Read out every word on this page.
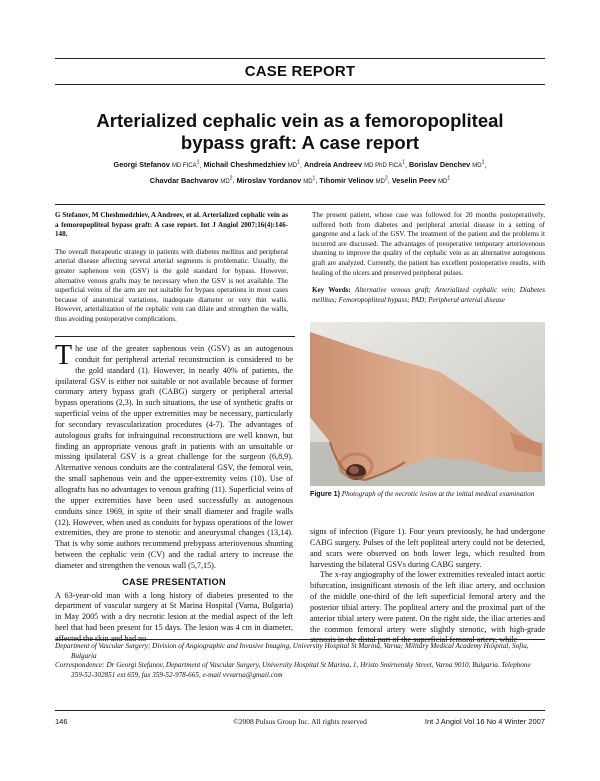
CASE REPORT
Arterialized cephalic vein as a femoropopliteal bypass graft: A case report
Georgi Stefanov MD FICA$^1$, Michail Cheshmedzhiev $MD^1$, Andreia Andreev MD PhD FICA$^1$, Borislav Denchev $MD^1$,
Chavdar Bachvarov $MD^2$, Miroslav Yordanov $MD^1$, Tihomir Velinov $MD^2$, Veselin Peev $MD^1$

G Stefanov, M Cheshmedzhiev, A Andreev, et al. Arterialized cephalic vein as a femoropopliteal bypass graft: A case report. Int J Angiol 2007;16(4):146-148.

The overall therapeutic strategy in patients with diabetes mellitus and peripheral arterial disease affecting several arterial segments is problematic. Usually, the greater saphenous vein (GSV) is the gold standard for bypass. However, alternative venous grafts may be necessary when the GSV is not available. The superficial veins of the arm are not suitable for bypass operations in most cases because of anatomical variations, inadequate diameter or very thin walls. However, arterialization of the cephalic vein can dilate and strengthen the walls, thus avoiding postoperative complications.

The present patient, whose case was followed for 20 months postoperatively, suffered both from diabetes and peripheral arterial disease in a setting of gangrene and a lack of the GSV. The treatment of the patient and the problems it incurred are discussed. The advantages of preoperative temporary arteriovenous shunting to improve the quality of the cephalic vein as an alternative autogenous graft are analyzed. Currently, the patient has excellent postoperative results, with healing of the ulcers and preserved peripheral pulses.

Key Words: Alternative venous graft; Arterialized cephalic vein; Diabetes mellitus; Femoropopliteal bypass; PAD; Peripheral arterial disease

The use of the greater saphenous vein (GSV) as an autogenous conduit for peripheral arterial reconstruction is considered to be the gold standard (1). However, in nearly 40% of patients, the ipsilateral GSV is either not suitable or not available because of former coronary artery bypass graft (CABG) surgery or peripheral arterial bypass operations (2,3). In such situations, the use of synthetic grafts or superficial veins of the upper extremities may be necessary, particularly for secondary revascularization procedures (4-7). The advantages of autologous grafts for infrainguinal reconstructions are well known, but finding an appropriate venous graft in patients with an unsuitable or missing ipsilateral GSV is a great challenge for the surgeon (6,8,9). Alternative venous conduits are the contralateral GSV, the femoral vein, the small saphenous vein and the upper-extremity veins (10). Use of allografts has no advantages to venous grafting (11). Superficial veins of the upper extremities have been used successfully as autogenous conduits since 1969, in spite of their small diameter and fragile walls (12). However, when used as conduits for bypass operations of the lower extremities, they are prone to stenotic and aneurysmal changes (13,14). That is why some authors recommend prebypass arteriovenous shunting between the cephalic vein (CV) and the radial artery to increase the diameter and strengthen the venous wall (5,7,15).

CASE PRESENTATION

A 63-year-old man with a long history of diabetes presented to the department of vascular surgery at St Marina Hospital (Varna, Bulgaria) in May 2005 with a dry necrotic lesion at the medial aspect of the left heel that had been present for 15 days. The lesion was 4 cm in diameter, affected the skin and had no

Figure 1) Photograph of the necrotic lesion at the initial medical examination

signs of infection (Figure 1). Four years previously, he had undergone CABG surgery. Pulses of the left popliteal artery could not be detected, and scars were observed on both lower legs, which resulted from harvesting the bilateral GSVs during CABG surgery.

The x-ray angiography of the lower extremities revealed intact aortic bifurcation, insignificant stenosis of the left iliac artery, and occlusion of the middle one-third of the left superficial femoral artery and the posterior tibial artery. The popliteal artery and the proximal part of the anterior tibial artery were patent. On the right side, the iliac arteries and the common femoral artery were slightly stenotic, with high-grade stenosis in the distal part of the superficial femoral artery, while

Department of Vascular Surgery; Division of Angiographic and Invasive Imaging, University Hospital St Marina, Varna; Military Medical Academy Hospital, Sofia, Bulgaria

Correspondence: Dr Georgi Stefanov, Department of Vascular Surgery, University Hospital St Marina, 1, Hristo Smirnensky Street, Varna 9010, Bulgaria. Telephone 359-52-302851 ext 659, fax 359-52-978-665, e-mail vvvarna@gmail.com

146	©2008 Pulsus Group Inc. All rights reserved	Int J Angiol Vol 16 No 4 Winter 2007
